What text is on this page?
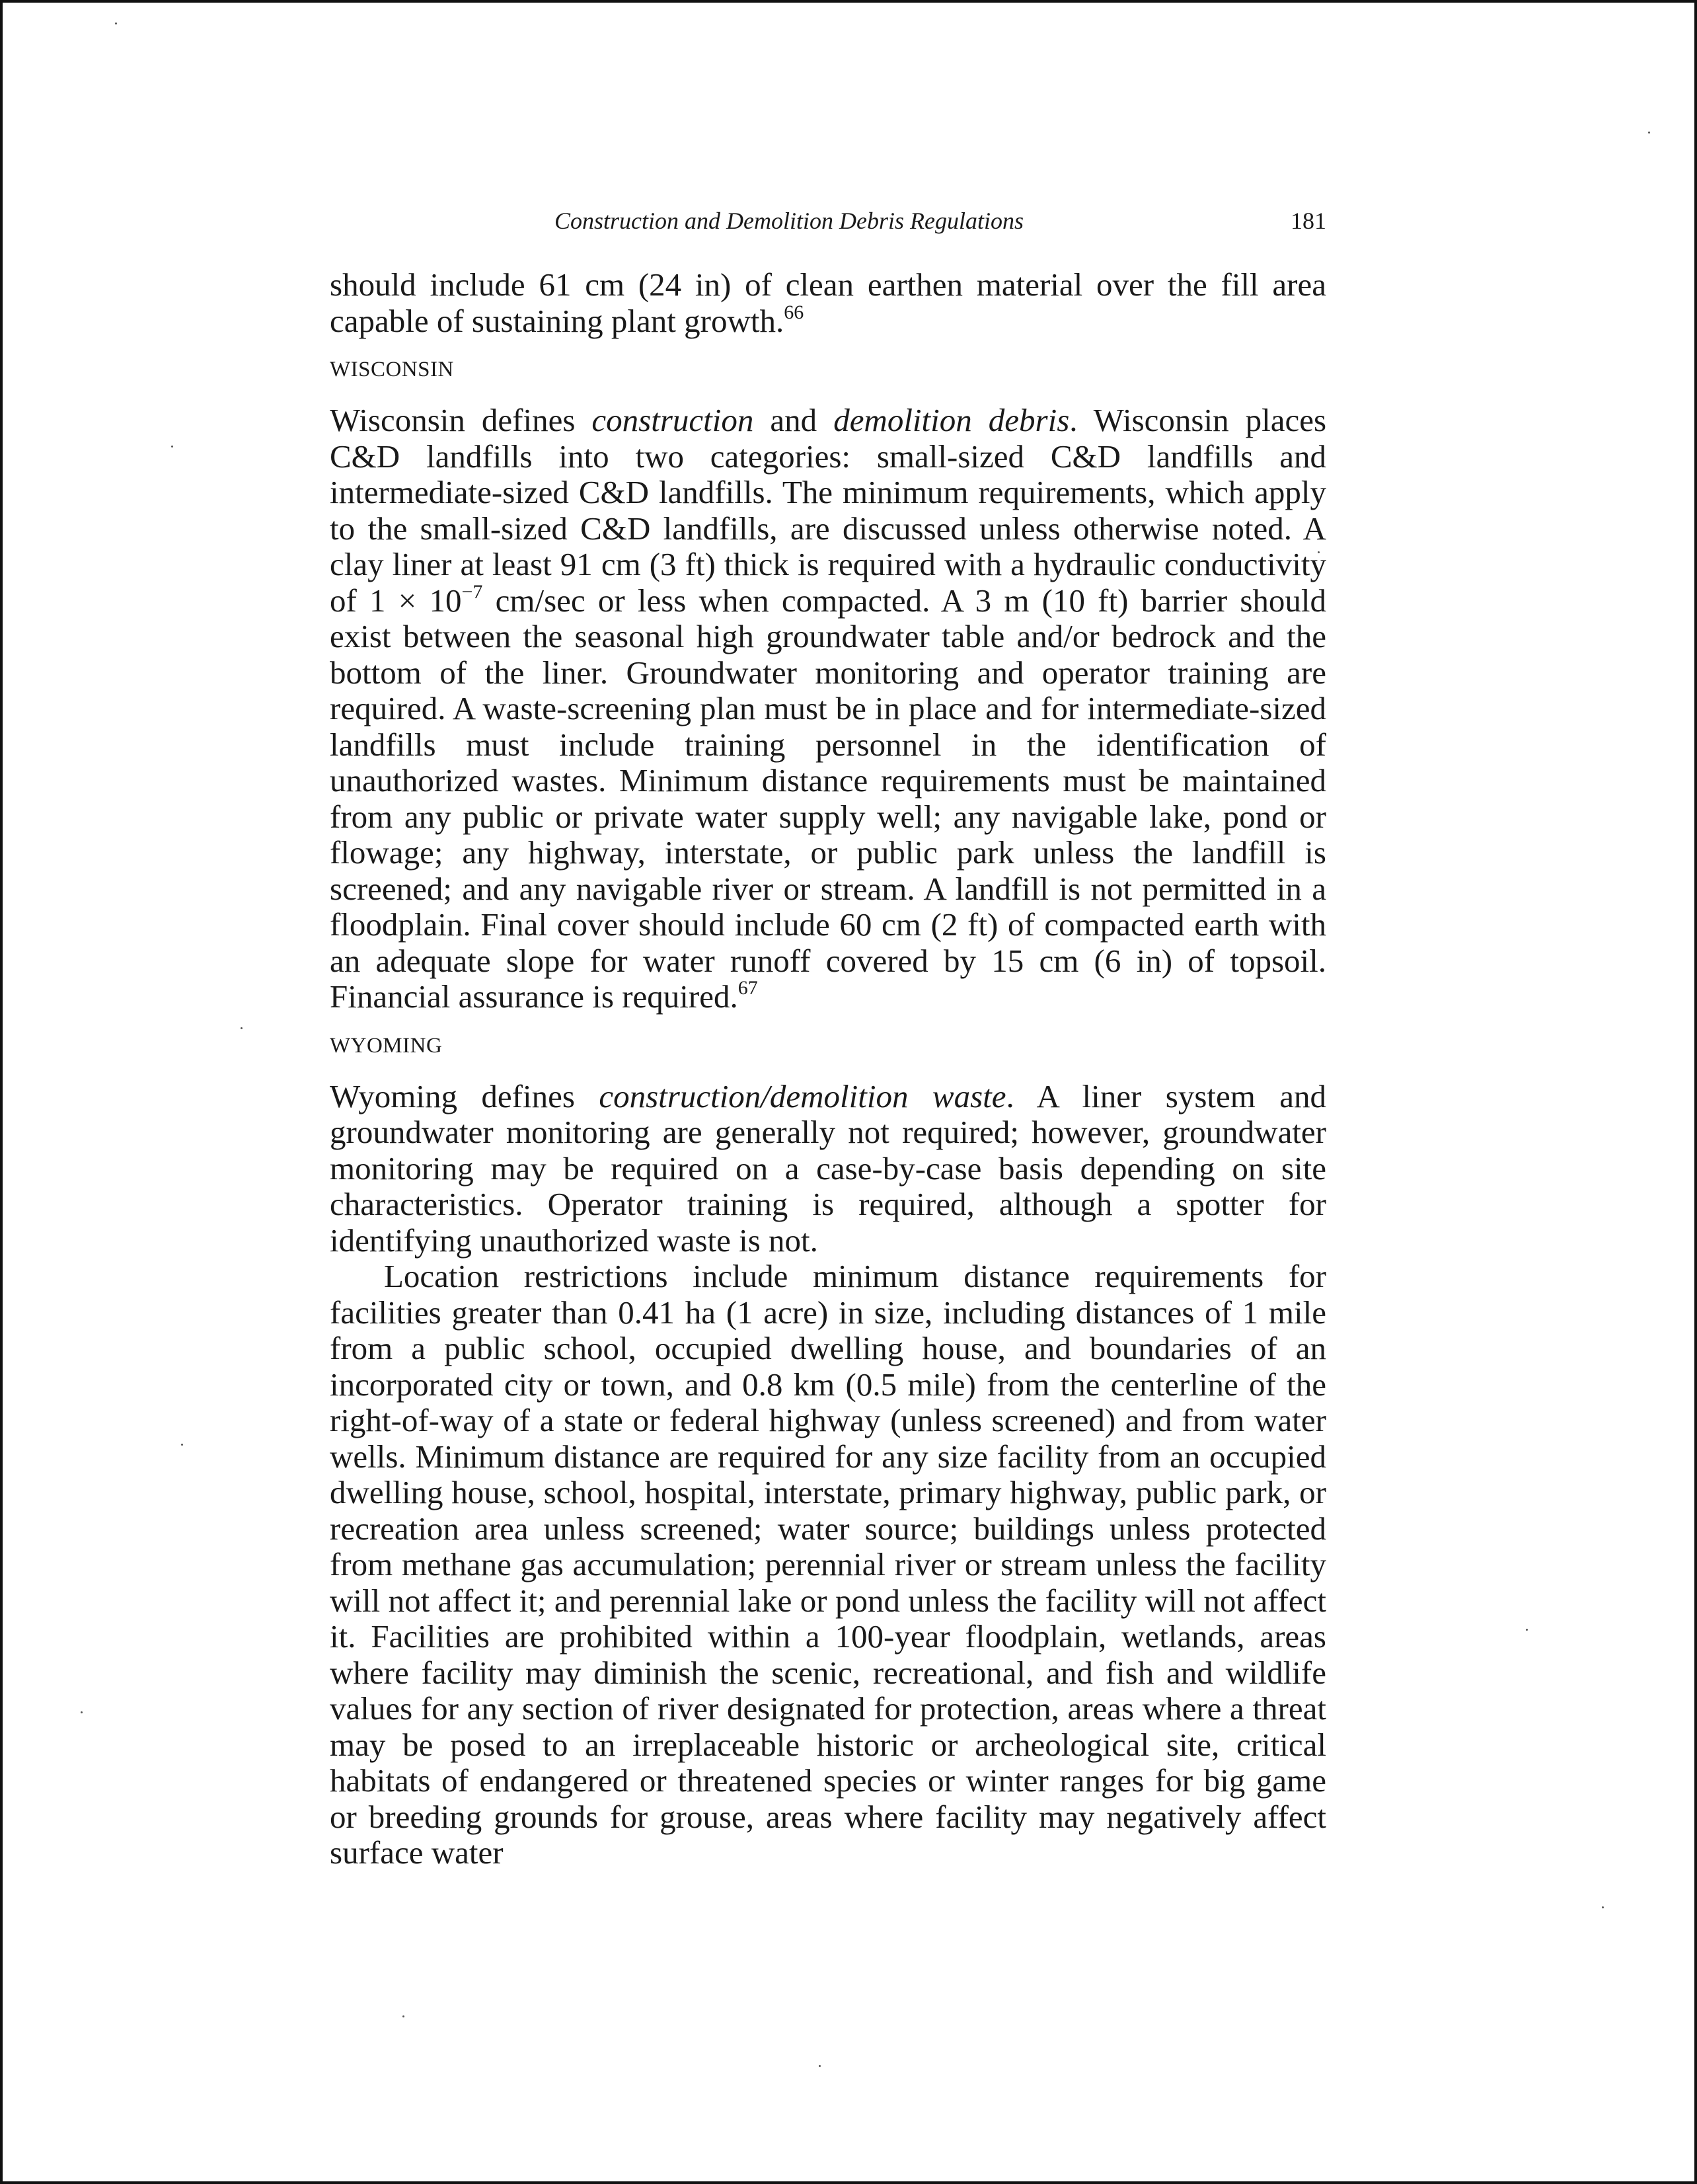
Construction and Demolition Debris Regulations	181

should include 61 cm (24 in) of clean earthen material over the fill area capable of sustaining plant growth.$^{66}$

WISCONSIN

Wisconsin defines construction and demolition debris. Wisconsin places C&D landfills into two categories: small-sized C&D landfills and intermediate-sized C&D landfills. The minimum requirements, which apply to the small-sized C&D landfills, are discussed unless otherwise noted. A clay liner at least 91 cm (3 ft) thick is required with a hydraulic conductivity of $1 \times 10^{-7}$ cm/sec or less when compacted. A 3 m (10 ft) barrier should exist between the seasonal high groundwater table and/or bedrock and the bottom of the liner. Groundwater monitoring and operator training are required. A waste-screening plan must be in place and for intermediate-sized landfills must include training personnel in the identification of unauthorized wastes. Minimum distance requirements must be maintained from any public or private water supply well; any navigable lake, pond or flowage; any highway, interstate, or public park unless the landfill is screened; and any navigable river or stream. A landfill is not permitted in a floodplain. Final cover should include 60 cm (2 ft) of compacted earth with an adequate slope for water runoff covered by 15 cm (6 in) of topsoil. Financial assurance is required.$^{67}$

WYOMING

Wyoming defines construction/demolition waste. A liner system and groundwater monitoring are generally not required; however, groundwater monitoring may be required on a case-by-case basis depending on site characteristics. Operator training is required, although a spotter for identifying unauthorized waste is not.

Location restrictions include minimum distance requirements for facilities greater than 0.41 ha (1 acre) in size, including distances of 1 mile from a public school, occupied dwelling house, and boundaries of an incorporated city or town, and 0.8 km (0.5 mile) from the centerline of the right-of-way of a state or federal highway (unless screened) and from water wells. Minimum distance are required for any size facility from an occupied dwelling house, school, hospital, interstate, primary highway, public park, or recreation area unless screened; water source; buildings unless protected from methane gas accumulation; perennial river or stream unless the facility will not affect it; and perennial lake or pond unless the facility will not affect it. Facilities are prohibited within a 100-year floodplain, wetlands, areas where facility may diminish the scenic, recreational, and fish and wildlife values for any section of river designated for protection, areas where a threat may be posed to an irreplaceable historic or archeological site, critical habitats of endangered or threatened species or winter ranges for big game or breeding grounds for grouse, areas where facility may negatively affect surface water
